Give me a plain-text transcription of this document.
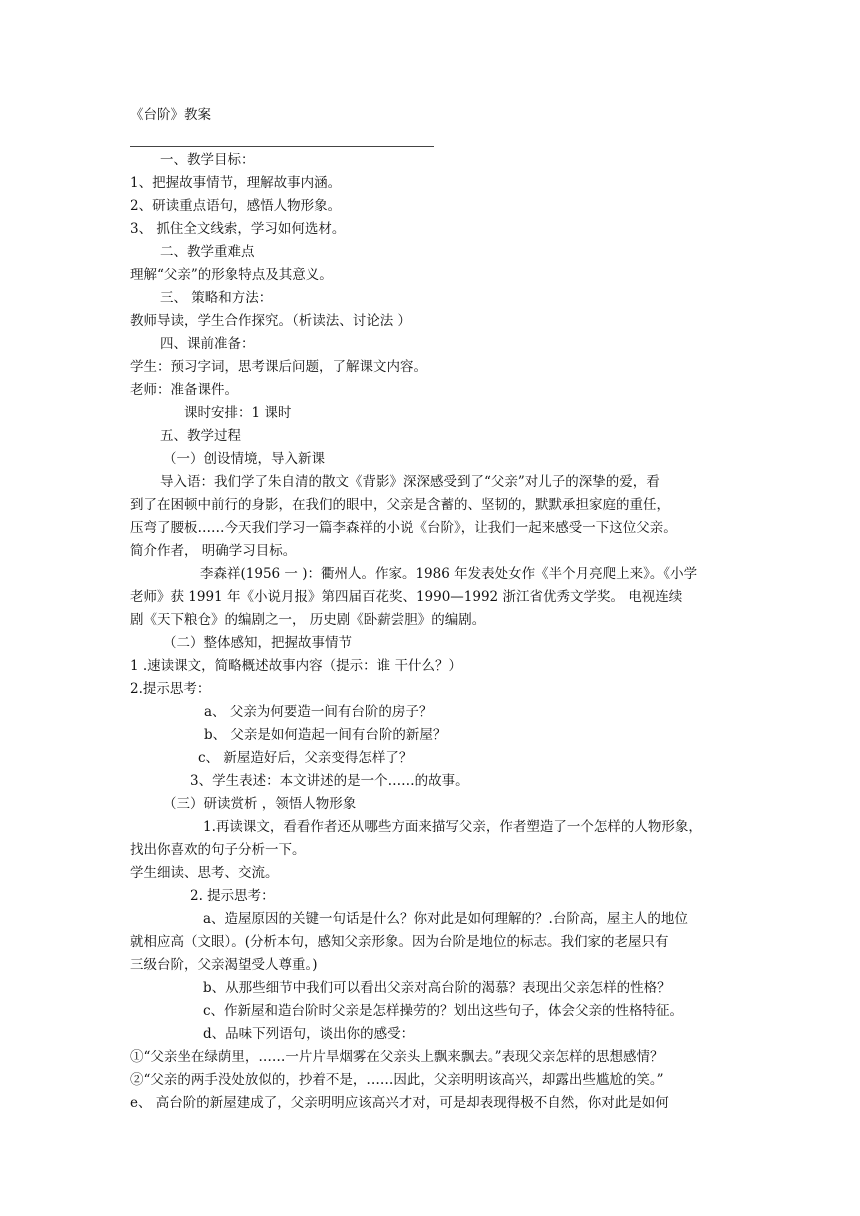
《台阶》教案
一、教学目标：
1、把握故事情节，理解故事内涵。
2、研读重点语句，感悟人物形象。
3、 抓住全文线索，学习如何选材。
二、教学重难点
理解“父亲”的形象特点及其意义。
三、 策略和方法：
教师导读，学生合作探究。（析读法、讨论法 ）
四、课前准备：
学生：预习字词，思考课后问题，了解课文内容。
老师：准备课件。
课时安排：1 课时
五、教学过程
（一）创设情境，导入新课
导入语：我们学了朱自清的散文《背影》深深感受到了“父亲”对儿子的深挚的爱，看
到了在困顿中前行的身影，在我们的眼中，父亲是含蓄的、坚韧的，默默承担家庭的重任，
压弯了腰板……今天我们学习一篇李森祥的小说《台阶》，让我们一起来感受一下这位父亲。
简介作者， 明确学习目标。
李森祥(1956 一 )：衢州人。作家。1986 年发表处女作《半个月亮爬上来》。《小学
老师》获 1991 年《小说月报》第四届百花奖、1990—1992 浙江省优秀文学奖。 电视连续
剧《天下粮仓》的编剧之一， 历史剧《卧薪尝胆》的编剧。
（二）整体感知，把握故事情节
1 .速读课文，简略概述故事内容（提示：谁 干什么？）
2.提示思考：
a、 父亲为何要造一间有台阶的房子？
b、 父亲是如何造起一间有台阶的新屋？
c、 新屋造好后，父亲变得怎样了？
3、学生表述：本文讲述的是一个……的故事。
（三）研读赏析 ，领悟人物形象
1.再读课文，看看作者还从哪些方面来描写父亲，作者塑造了一个怎样的人物形象，
找出你喜欢的句子分析一下。
学生细读、思考、交流。
2. 提示思考：
a、造屋原因的关键一句话是什么？你对此是如何理解的？.台阶高，屋主人的地位
就相应高（文眼）。(分析本句，感知父亲形象。因为台阶是地位的标志。我们家的老屋只有
三级台阶，父亲渴望受人尊重。)
b、从那些细节中我们可以看出父亲对高台阶的渴慕？表现出父亲怎样的性格？
c、作新屋和造台阶时父亲是怎样操劳的？划出这些句子，体会父亲的性格特征。
d、品味下列语句，谈出你的感受：
①“父亲坐在绿荫里，……一片片旱烟雾在父亲头上飘来飘去。”表现父亲怎样的思想感情？
②“父亲的两手没处放似的，抄着不是，……因此，父亲明明该高兴，却露出些尴尬的笑。”
e、 高台阶的新屋建成了，父亲明明应该高兴才对，可是却表现得极不自然，你对此是如何
